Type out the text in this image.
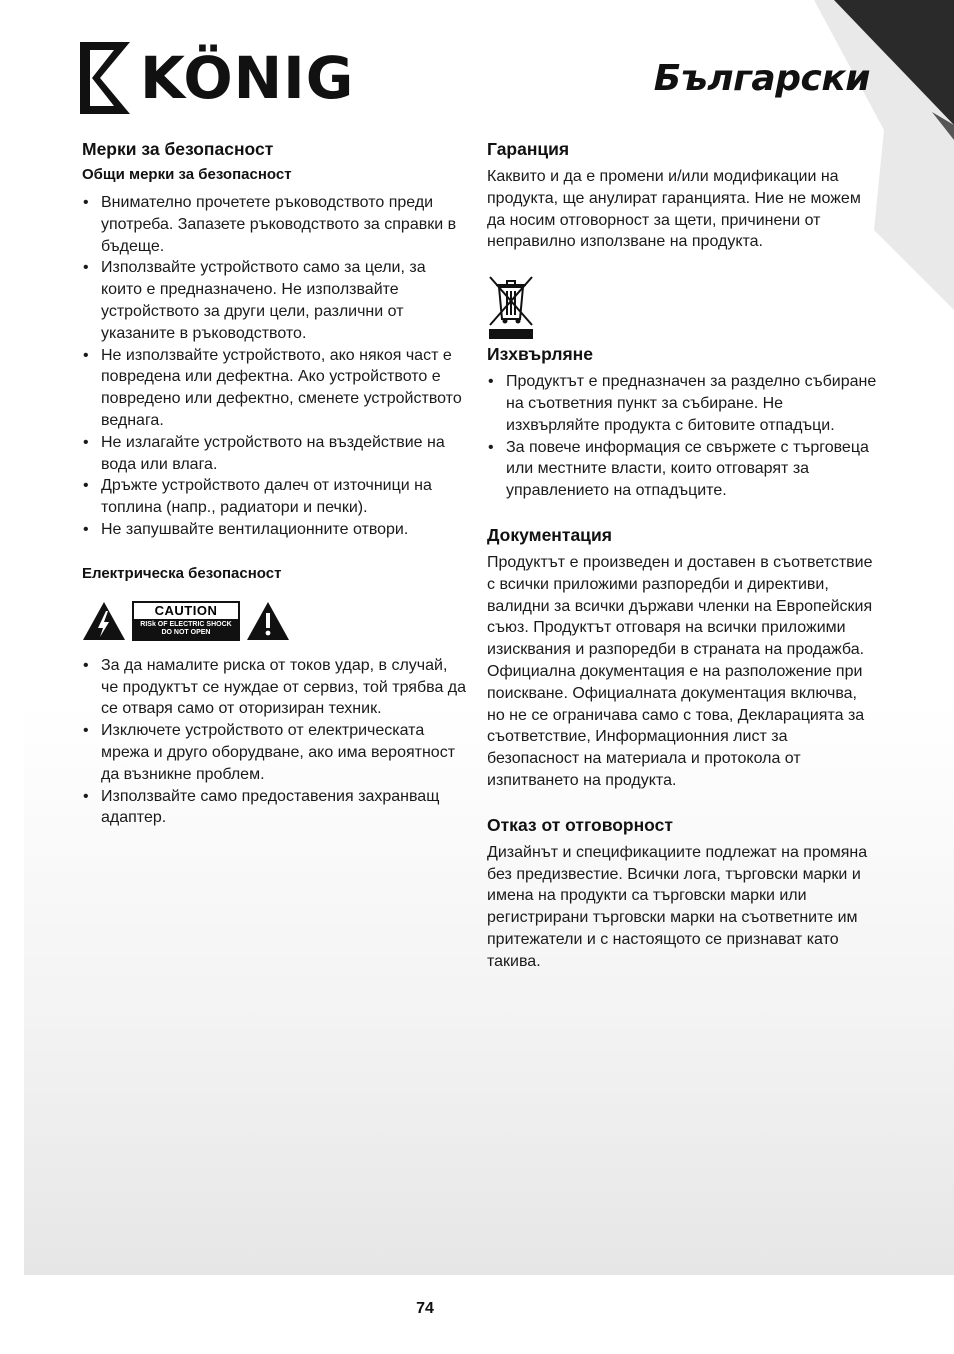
KÖNIG	Български
Мерки за безопасност
Общи мерки за безопасност
• Внимателно прочетете ръководството преди употреба. Запазете ръководството за справки в бъдеще.
• Използвайте устройството само за цели, за които е предназначено. Не използвайте устройството за други цели, различни от указаните в ръководството.
• Не използвайте устройството, ако някоя част е повредена или дефектна. Ако устройството е повредено или дефектно, сменете устройството веднага.
• Не излагайте устройството на въздействие на вода или влага.
• Дръжте устройството далеч от източници на топлина (напр., радиатори и печки).
• Не запушвайте вентилационните отвори.
Електрическа безопасност
CAUTION
RISk OF ELECTRIC SHOCK
DO NOT OPEN
• За да намалите риска от токов удар, в случай, че продуктът се нуждае от сервиз, той трябва да се отваря само от оторизиран техник.
• Изключете устройството от електрическата мрежа и друго оборудване, ако има вероятност да възникне проблем.
• Използвайте само предоставения захранващ адаптер.
Гаранция

Каквито и да е промени и/или модификации на продукта, ще анулират гаранцията. Ние не можем да носим отговорност за щети, причинени от неправилно използване на продукта.

Изхвърляне
• Продуктът е предназначен за разделно събиране на съответния пункт за събиране. Не изхвърляйте продукта с битовите отпадъци.
• За повече информация се свържете с търговеца или местните власти, които отговарят за управлението на отпадъците.
Документация

Продуктът е произведен и доставен в съответствие с всички приложими разпоредби и директиви, валидни за всички държави членки на Европейския съюз. Продуктът отговаря на всички приложими изисквания и разпоредби в страната на продажба.

Официална документация е на разположение при поискване. Официалната документация включва, но не се ограничава само с това, Декларацията за съответствие, Информационния лист за безопасност на материала и протокола от изпитването на продукта.

Отказ от отговорност

Дизайнът и спецификациите подлежат на промяна без предизвестие. Всички лога, търговски марки и имена на продукти са търговски марки или регистрирани търговски марки на съответните им притежатели и с настоящото се признават като такива.

74
